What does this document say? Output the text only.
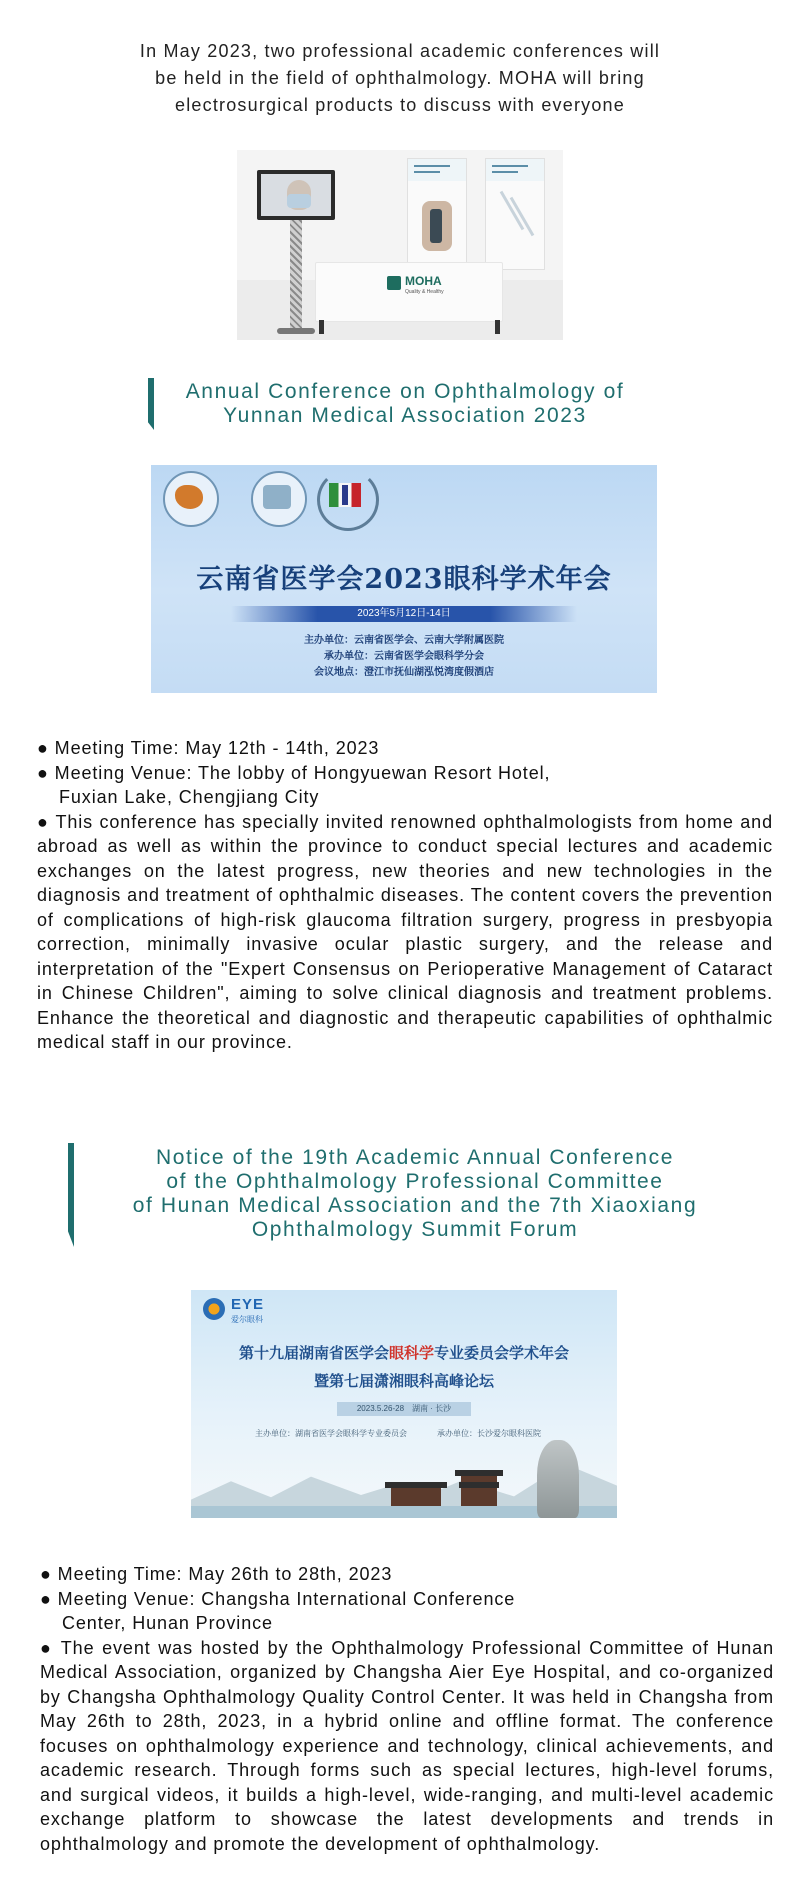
In May 2023, two professional academic conferences will
be held in the field of ophthalmology. MOHA will bring
electrosurgical products to discuss with everyone
MOHA
Quality & Healthy
Annual Conference on Ophthalmology of
Yunnan Medical Association 2023
云南省医学会2023眼科学术年会
2023年5月12日-14日
主办单位：云南省医学会、云南大学附属医院
承办单位：云南省医学会眼科学分会
会议地点：澄江市抚仙湖泓悦湾度假酒店
● Meeting Time: May 12th - 14th, 2023
● Meeting Venue: The lobby of Hongyuewan Resort Hotel,
Fuxian Lake, Chengjiang City
● This conference has specially invited renowned ophthalmologists from home and abroad as well as within the province to conduct special lectures and academic exchanges on the latest progress, new theories and new technologies in the diagnosis and treatment of ophthalmic diseases. The content covers the prevention of complications of high-risk glaucoma filtration surgery, progress in presbyopia correction, minimally invasive ocular plastic surgery, and the release and interpretation of the "Expert Consensus on Perioperative Management of Cataract in Chinese Children", aiming to solve clinical diagnosis and treatment problems. Enhance the theoretical and diagnostic and therapeutic capabilities of ophthalmic medical staff in our province.
Notice of the 19th Academic Annual Conference
of the Ophthalmology Professional Committee
of Hunan Medical Association and the 7th Xiaoxiang
Ophthalmology Summit Forum
EYE
爱尔眼科
第十九届湖南省医学会眼科学专业委员会学术年会
暨第七届潇湘眼科高峰论坛
2023.5.26-28　湖南 · 长沙
主办单位：湖南省医学会眼科学专业委员会	承办单位：长沙爱尔眼科医院
● Meeting Time: May 26th to 28th, 2023
● Meeting Venue: Changsha International Conference
Center, Hunan Province
● The event was hosted by the Ophthalmology Professional Committee of Hunan Medical Association, organized by Changsha Aier Eye Hospital, and co-organized by Changsha Ophthalmology Quality Control Center. It was held in Changsha from May 26th to 28th, 2023, in a hybrid online and offline format. The conference focuses on ophthalmology experience and technology, clinical achievements, and academic research. Through forms such as special lectures, high-level forums, and surgical videos, it builds a high-level, wide-ranging, and multi-level academic exchange platform to showcase the latest developments and trends in ophthalmology and promote the development of ophthalmology.
